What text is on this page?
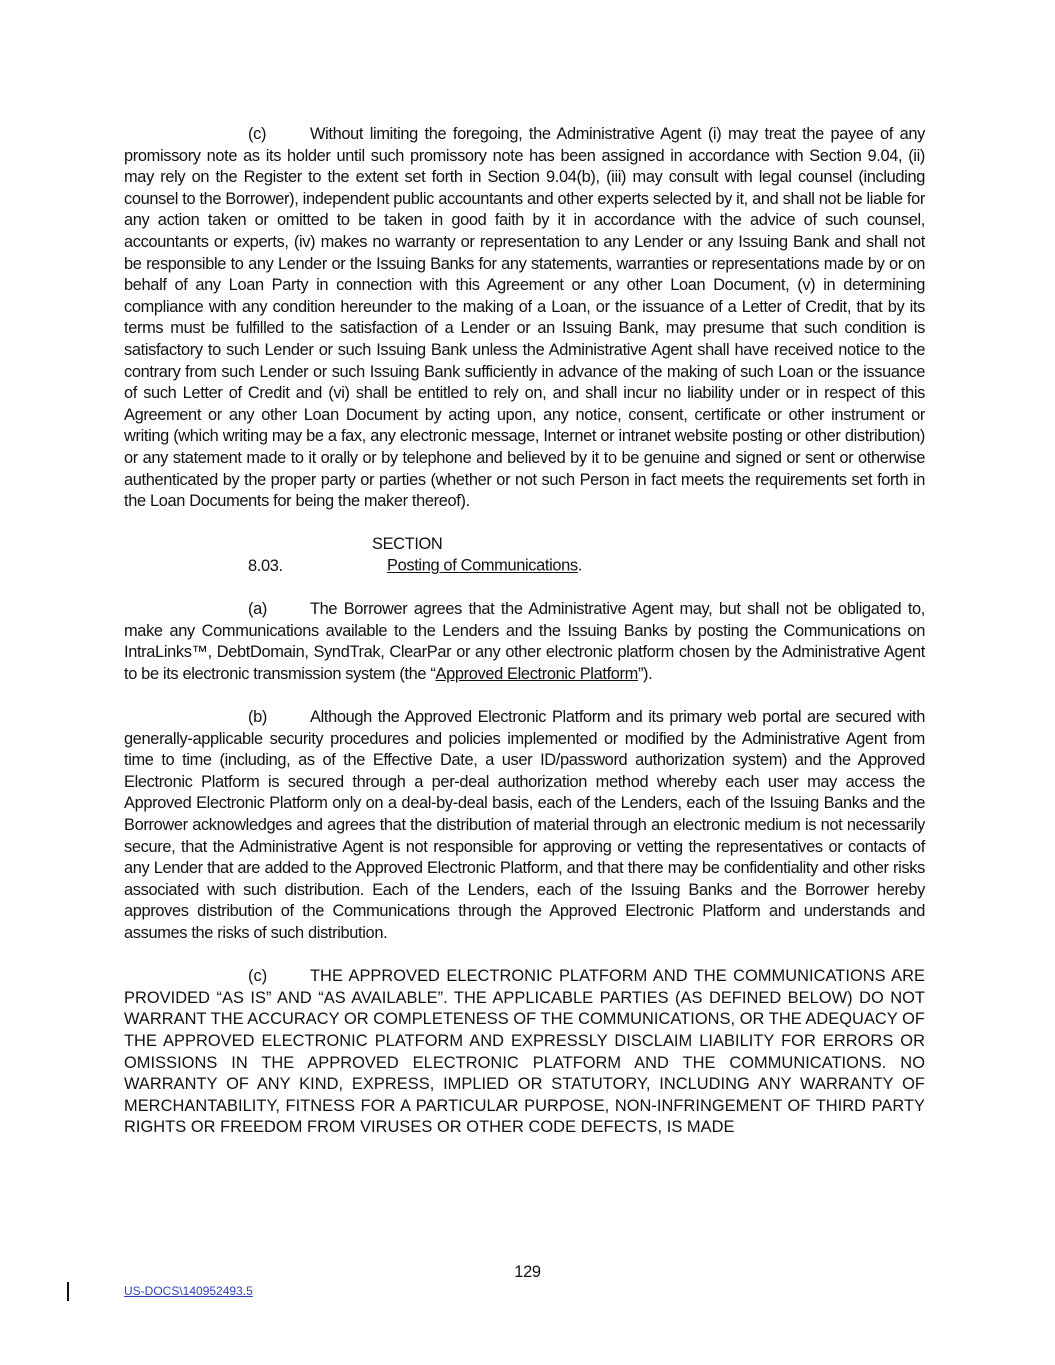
(c)	Without limiting the foregoing, the Administrative Agent (i) may treat the payee of any promissory note as its holder until such promissory note has been assigned in accordance with Section 9.04, (ii) may rely on the Register to the extent set forth in Section 9.04(b), (iii) may consult with legal counsel (including counsel to the Borrower), independent public accountants and other experts selected by it, and shall not be liable for any action taken or omitted to be taken in good faith by it in accordance with the advice of such counsel, accountants or experts, (iv) makes no warranty or representation to any Lender or any Issuing Bank and shall not be responsible to any Lender or the Issuing Banks for any statements, warranties or representations made by or on behalf of any Loan Party in connection with this Agreement or any other Loan Document, (v) in determining compliance with any condition hereunder to the making of a Loan, or the issuance of a Letter of Credit, that by its terms must be fulfilled to the satisfaction of a Lender or an Issuing Bank, may presume that such condition is satisfactory to such Lender or such Issuing Bank unless the Administrative Agent shall have received notice to the contrary from such Lender or such Issuing Bank sufficiently in advance of the making of such Loan or the issuance of such Letter of Credit and (vi) shall be entitled to rely on, and shall incur no liability under or in respect of this Agreement or any other Loan Document by acting upon, any notice, consent, certificate or other instrument or writing (which writing may be a fax, any electronic message, Internet or intranet website posting or other distribution) or any statement made to it orally or by telephone and believed by it to be genuine and signed or sent or otherwise authenticated by the proper party or parties (whether or not such Person in fact meets the requirements set forth in the Loan Documents for being the maker thereof).

SECTION 8.03.	Posting of Communications.

(a)	The Borrower agrees that the Administrative Agent may, but shall not be obligated to, make any Communications available to the Lenders and the Issuing Banks by posting the Communications on IntraLinks™, DebtDomain, SyndTrak, ClearPar or any other electronic platform chosen by the Administrative Agent to be its electronic transmission system (the “Approved Electronic Platform”).

(b)	Although the Approved Electronic Platform and its primary web portal are secured with generally-applicable security procedures and policies implemented or modified by the Administrative Agent from time to time (including, as of the Effective Date, a user ID/password authorization system) and the Approved Electronic Platform is secured through a per-deal authorization method whereby each user may access the Approved Electronic Platform only on a deal-by-deal basis, each of the Lenders, each of the Issuing Banks and the Borrower acknowledges and agrees that the distribution of material through an electronic medium is not necessarily secure, that the Administrative Agent is not responsible for approving or vetting the representatives or contacts of any Lender that are added to the Approved Electronic Platform, and that there may be confidentiality and other risks associated with such distribution. Each of the Lenders, each of the Issuing Banks and the Borrower hereby approves distribution of the Communications through the Approved Electronic Platform and understands and assumes the risks of such distribution.

(c)	THE APPROVED ELECTRONIC PLATFORM AND THE COMMUNICATIONS ARE PROVIDED “AS IS” AND “AS AVAILABLE”. THE APPLICABLE PARTIES (AS DEFINED BELOW) DO NOT WARRANT THE ACCURACY OR COMPLETENESS OF THE COMMUNICATIONS, OR THE ADEQUACY OF THE APPROVED ELECTRONIC PLATFORM AND EXPRESSLY DISCLAIM LIABILITY FOR ERRORS OR OMISSIONS IN THE APPROVED ELECTRONIC PLATFORM AND THE COMMUNICATIONS. NO WARRANTY OF ANY KIND, EXPRESS, IMPLIED OR STATUTORY, INCLUDING ANY WARRANTY OF MERCHANTABILITY, FITNESS FOR A PARTICULAR PURPOSE, NON-INFRINGEMENT OF THIRD PARTY RIGHTS OR FREEDOM FROM VIRUSES OR OTHER CODE DEFECTS, IS MADE

129
US-DOCS\140952493.5
